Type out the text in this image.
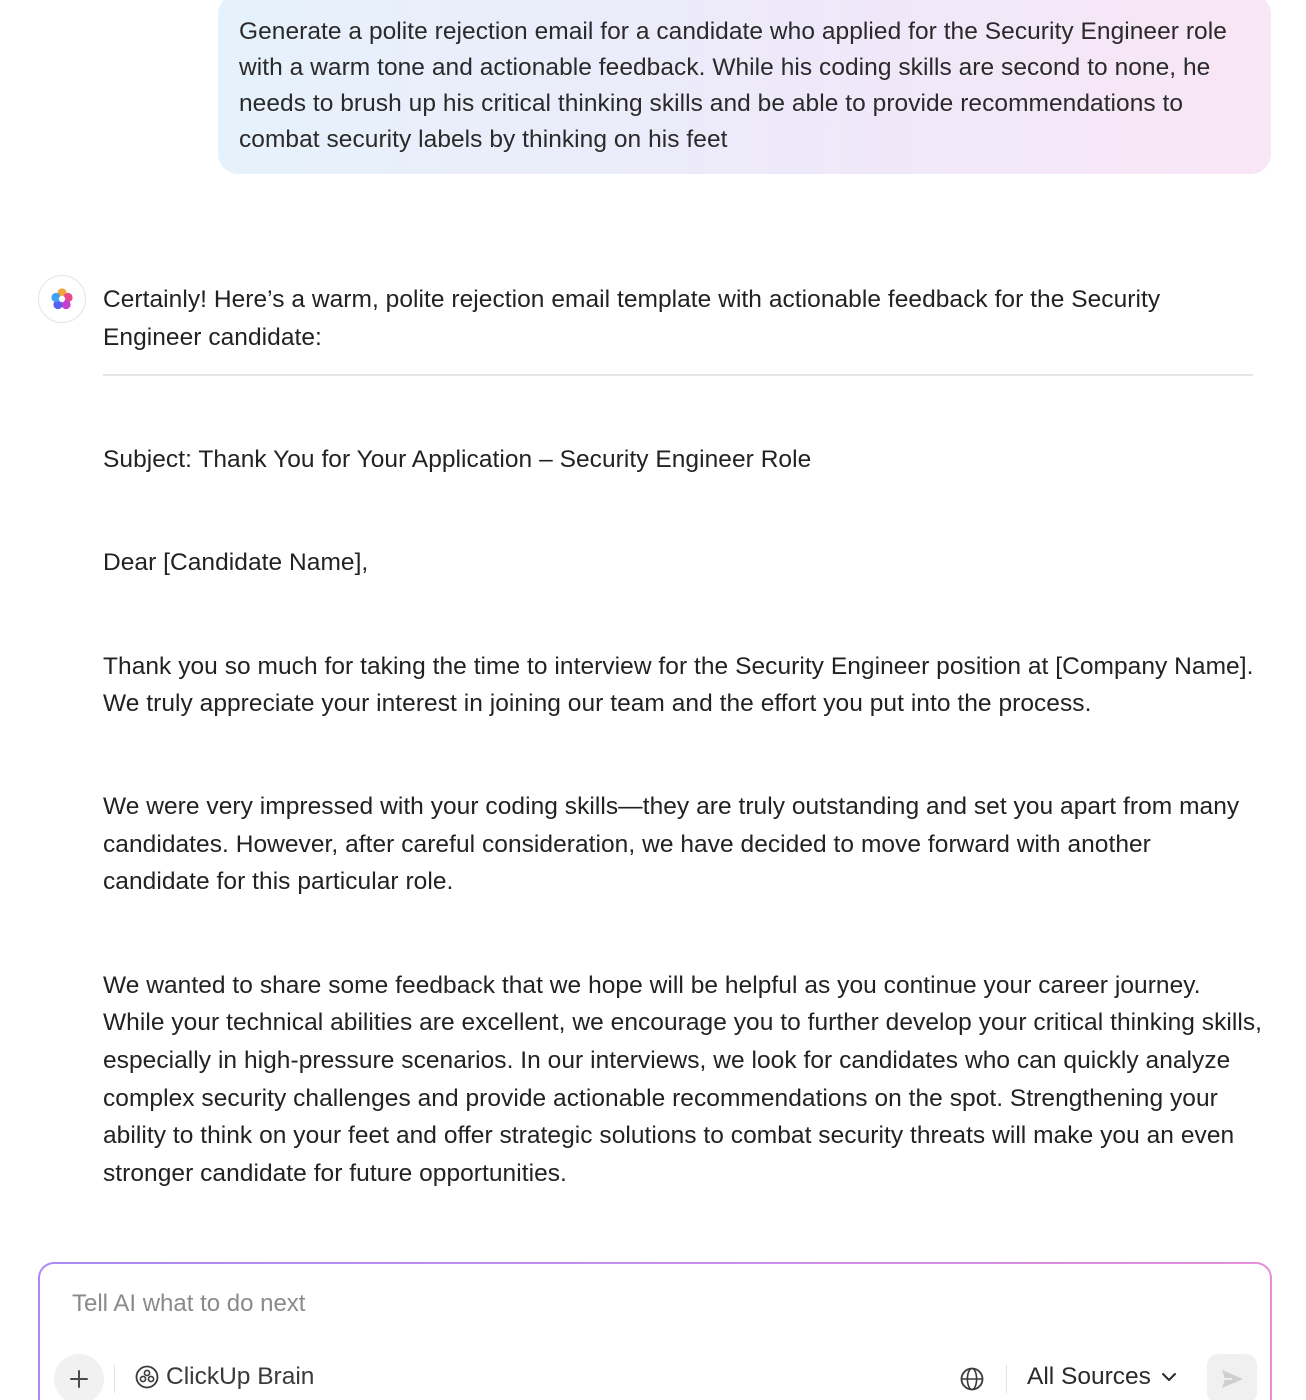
Generate a polite rejection email for a candidate who applied for the Security Engineer role with a warm tone and actionable feedback. While his coding skills are second to none, he needs to brush up his critical thinking skills and be able to provide recommendations to combat security labels by thinking on his feet

Certainly! Here’s a warm, polite rejection email template with actionable feedback for the Security Engineer candidate:

Subject: Thank You for Your Application – Security Engineer Role

Dear [Candidate Name],

Thank you so much for taking the time to interview for the Security Engineer position at [Company Name]. We truly appreciate your interest in joining our team and the effort you put into the process.

We were very impressed with your coding skills—they are truly outstanding and set you apart from many candidates. However, after careful consideration, we have decided to move forward with another candidate for this particular role.

We wanted to share some feedback that we hope will be helpful as you continue your career journey. While your technical abilities are excellent, we encourage you to further develop your critical thinking skills, especially in high-pressure scenarios. In our interviews, we look for candidates who can quickly analyze complex security challenges and provide actionable recommendations on the spot. Strengthening your ability to think on your feet and offer strategic solutions to combat security threats will make you an even stronger candidate for future opportunities.

Tell AI what to do next
ClickUp Brain	All Sources
